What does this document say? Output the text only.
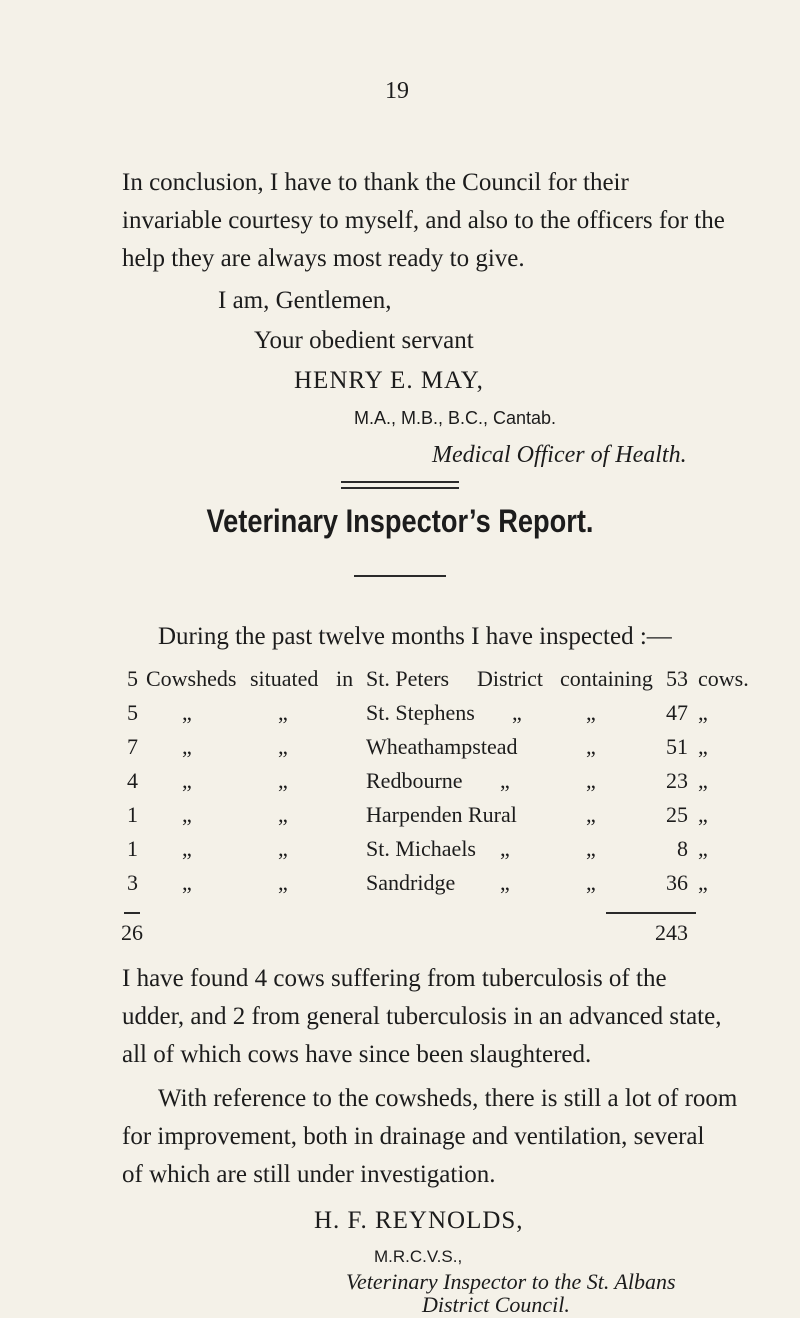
19
In conclusion, I have to thank the Council for their
invariable courtesy to myself, and also to the officers for the
help they are always most ready to give.
I am, Gentlemen,
Your obedient servant
HENRY E. MAY,
M.A., M.B., B.C., Cantab.
Medical Officer of Health.
Veterinary Inspector’s Report.
During the past twelve months I have inspected :—
5 Cowsheds situated in St. Peters District containing 53 cows.
5 „	„	St. Stephens „	„	47 „
7 „	„	Wheathampstead	„	51 „
4 „	„	Redbourne „	„	23 „
1 „	„	Harpenden Rural	„	25 „
1 „	„	St. Michaels „	„	8 „
3 „	„	Sandridge „	„	36 „
26	243
I have found 4 cows suffering from tuberculosis of the
udder, and 2 from general tuberculosis in an advanced state,
all of which cows have since been slaughtered.
With reference to the cowsheds, there is still a lot of room
for improvement, both in drainage and ventilation, several
of which are still under investigation.
H. F. REYNOLDS,
M.R.C.V.S.,
Veterinary Inspector to the St. Albans
District Council.
